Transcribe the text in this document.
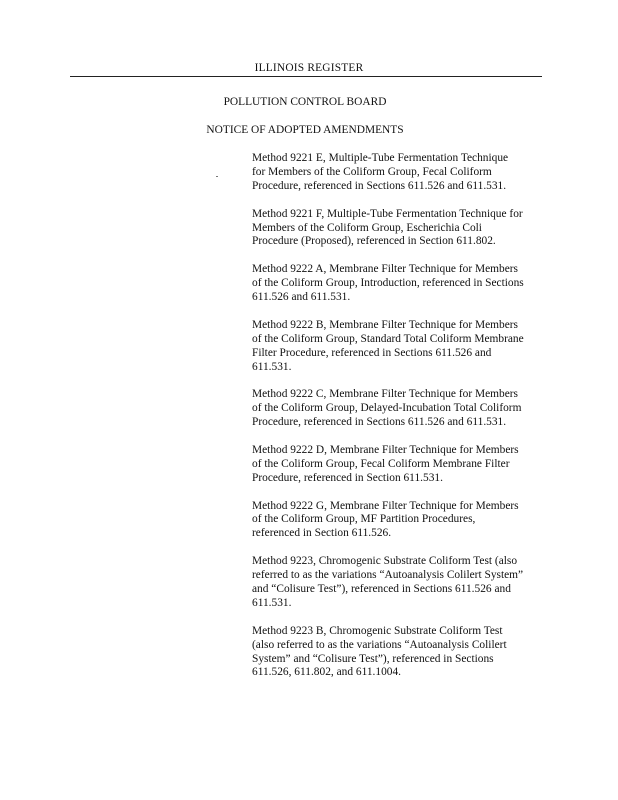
ILLINOIS REGISTER
POLLUTION CONTROL BOARD
NOTICE OF ADOPTED AMENDMENTS
Method 9221 E, Multiple-Tube Fermentation Technique
for Members of the Coliform Group, Fecal Coliform
Procedure, referenced in Sections 611.526 and 611.531.
Method 9221 F, Multiple-Tube Fermentation Technique for
Members of the Coliform Group, Escherichia Coli
Procedure (Proposed), referenced in Section 611.802.
Method 9222 A, Membrane Filter Technique for Members
of the Coliform Group, Introduction, referenced in Sections
611.526 and 611.531.
Method 9222 B, Membrane Filter Technique for Members
of the Coliform Group, Standard Total Coliform Membrane
Filter Procedure, referenced in Sections 611.526 and
611.531.
Method 9222 C, Membrane Filter Technique for Members
of the Coliform Group, Delayed-Incubation Total Coliform
Procedure, referenced in Sections 611.526 and 611.531.
Method 9222 D, Membrane Filter Technique for Members
of the Coliform Group, Fecal Coliform Membrane Filter
Procedure, referenced in Section 611.531.
Method 9222 G, Membrane Filter Technique for Members
of the Coliform Group, MF Partition Procedures,
referenced in Section 611.526.
Method 9223, Chromogenic Substrate Coliform Test (also
referred to as the variations “Autoanalysis Colilert System”
and “Colisure Test”), referenced in Sections 611.526 and
611.531.
Method 9223 B, Chromogenic Substrate Coliform Test
(also referred to as the variations “Autoanalysis Colilert
System” and “Colisure Test”), referenced in Sections
611.526, 611.802, and 611.1004.
